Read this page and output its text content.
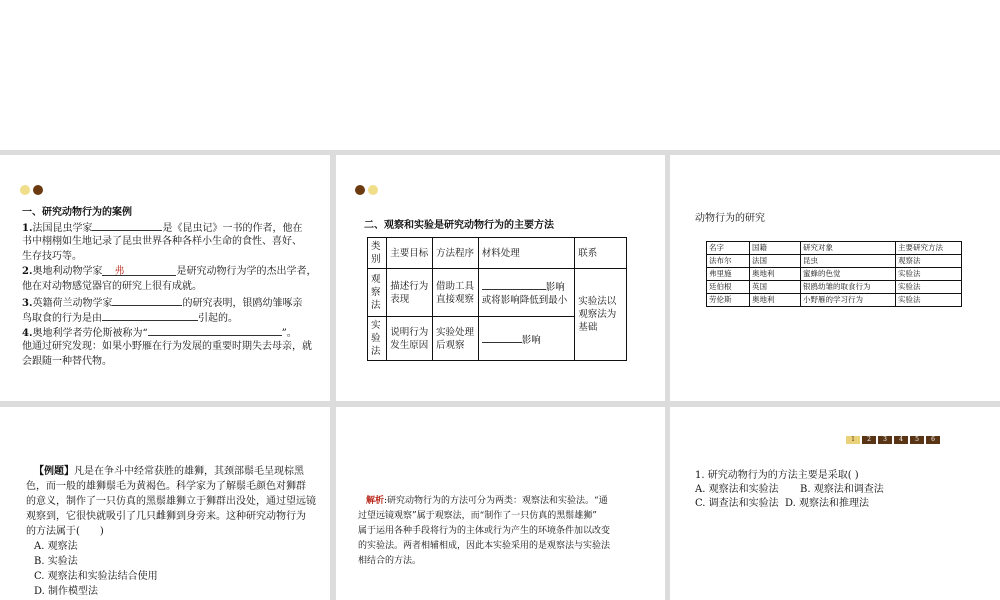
一、研究动物行为的案例
1.法国昆虫学家	是《昆虫记》一书的作者，他在
书中栩栩如生地记录了昆虫世界各种各样小生命的食性、喜好、
生存技巧等。
2.奥地利动物学家 弗	是研究动物行为学的杰出学者，
他在对动物感觉器官的研究上很有成就。
3.英籍荷兰动物学家	的研究表明，银鸥幼雏啄亲
鸟取食的行为是由	引起的。
4.奥地利学者劳伦斯被称为“	”。
他通过研究发现：如果小野雁在行为发展的重要时期失去母亲，就
会跟随一种替代物。
二、观察和实验是研究动物行为的主要方法
类别	主要目标	方法程序	材料处理	联系
观察法	描述行为表现	借助工具直接观察	影响或将影响降低到最小	实验法以观察法为基础
实验法	说明行为发生原因	实验处理后观察	影响	
动物行为的研究
名字	国籍	研究对象	主要研究方法
法布尔	法国	昆虫	观察法
弗里施	奥地利	蜜蜂的色觉	实验法
廷伯根	英国	银鸥幼雏的取食行为	实验法
劳伦斯	奥地利	小野雁的学习行为	实验法
【例题】凡是在争斗中经常获胜的雄狮，其颈部鬃毛呈现棕黑
色，而一般的雄狮鬃毛为黄褐色。科学家为了解鬃毛颜色对狮群
的意义，制作了一只仿真的黑鬃雄狮立于狮群出没处，通过望远镜
观察到，它很快就吸引了几只雌狮到身旁来。这种研究动物行为
的方法属于(　　)
A. 观察法
B. 实验法
C. 观察法和实验法结合使用
D. 制作模型法
解析:研究动物行为的方法可分为两类：观察法和实验法。“通
过望远镜观察”属于观察法，而“制作了一只仿真的黑鬃雄狮”
属于运用各种手段将行为的主体或行为产生的环境条件加以改变
的实验法。两者相辅相成，因此本实验采用的是观察法与实验法
相结合的方法。
1	2	3	4	5	6
1. 研究动物行为的方法主要是采取( )
A. 观察法和实验法 B. 观察法和调查法
C. 调查法和实验法 D. 观察法和推理法
